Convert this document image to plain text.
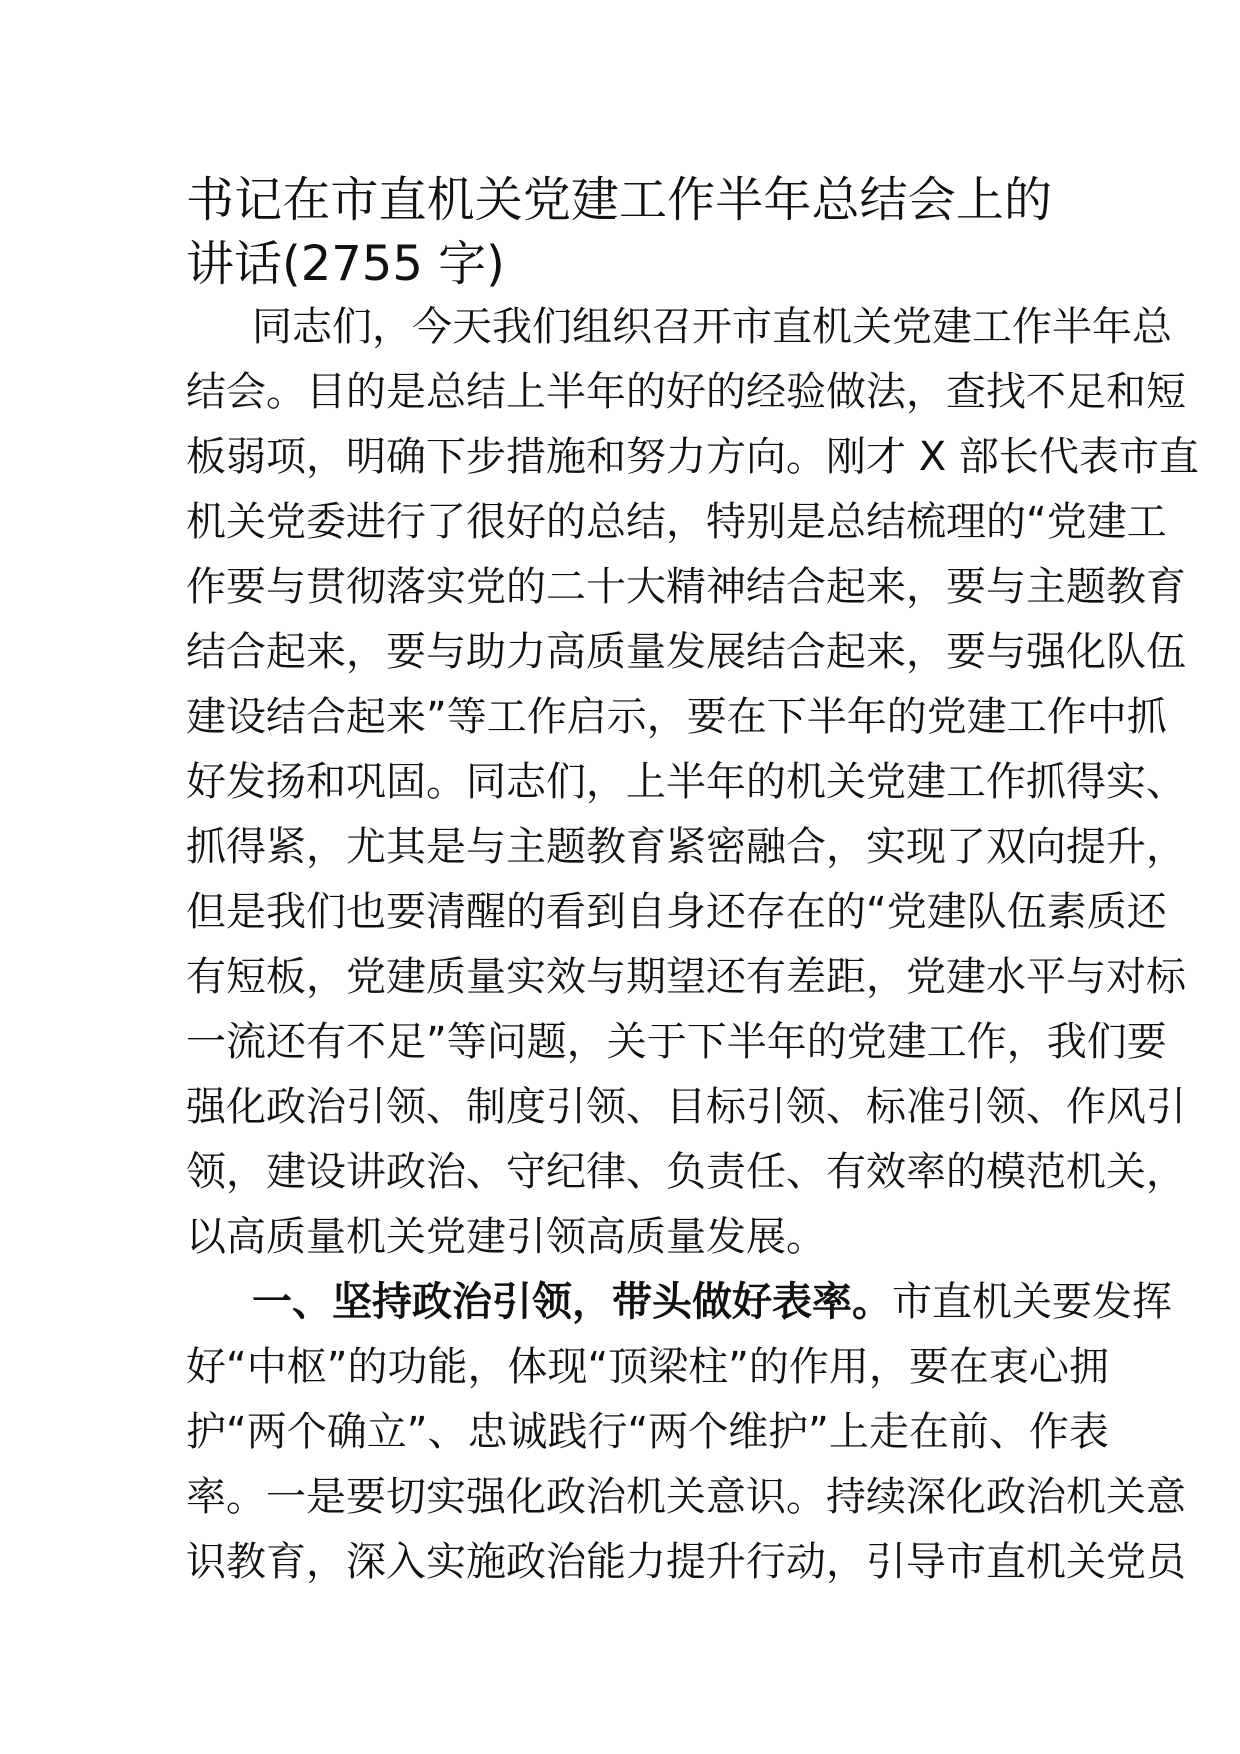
书记在市直机关党建工作半年总结会上的
讲话(2755 字)
同志们，今天我们组织召开市直机关党建工作半年总
结会。目的是总结上半年的好的经验做法，查找不足和短
板弱项，明确下步措施和努力方向。刚才 X 部长代表市直
机关党委进行了很好的总结，特别是总结梳理的“党建工
作要与贯彻落实党的二十大精神结合起来，要与主题教育
结合起来，要与助力高质量发展结合起来，要与强化队伍
建设结合起来”等工作启示，要在下半年的党建工作中抓
好发扬和巩固。同志们，上半年的机关党建工作抓得实、
抓得紧，尤其是与主题教育紧密融合，实现了双向提升，
但是我们也要清醒的看到自身还存在的“党建队伍素质还
有短板，党建质量实效与期望还有差距，党建水平与对标
一流还有不足”等问题，关于下半年的党建工作，我们要
强化政治引领、制度引领、目标引领、标准引领、作风引
领，建设讲政治、守纪律、负责任、有效率的模范机关，
以高质量机关党建引领高质量发展。
一、坚持政治引领，带头做好表率。市直机关要发挥
好“中枢”的功能，体现“顶梁柱”的作用，要在衷心拥
护“两个确立”、忠诚践行“两个维护”上走在前、作表
率。一是要切实强化政治机关意识。持续深化政治机关意
识教育，深入实施政治能力提升行动，引导市直机关党员
